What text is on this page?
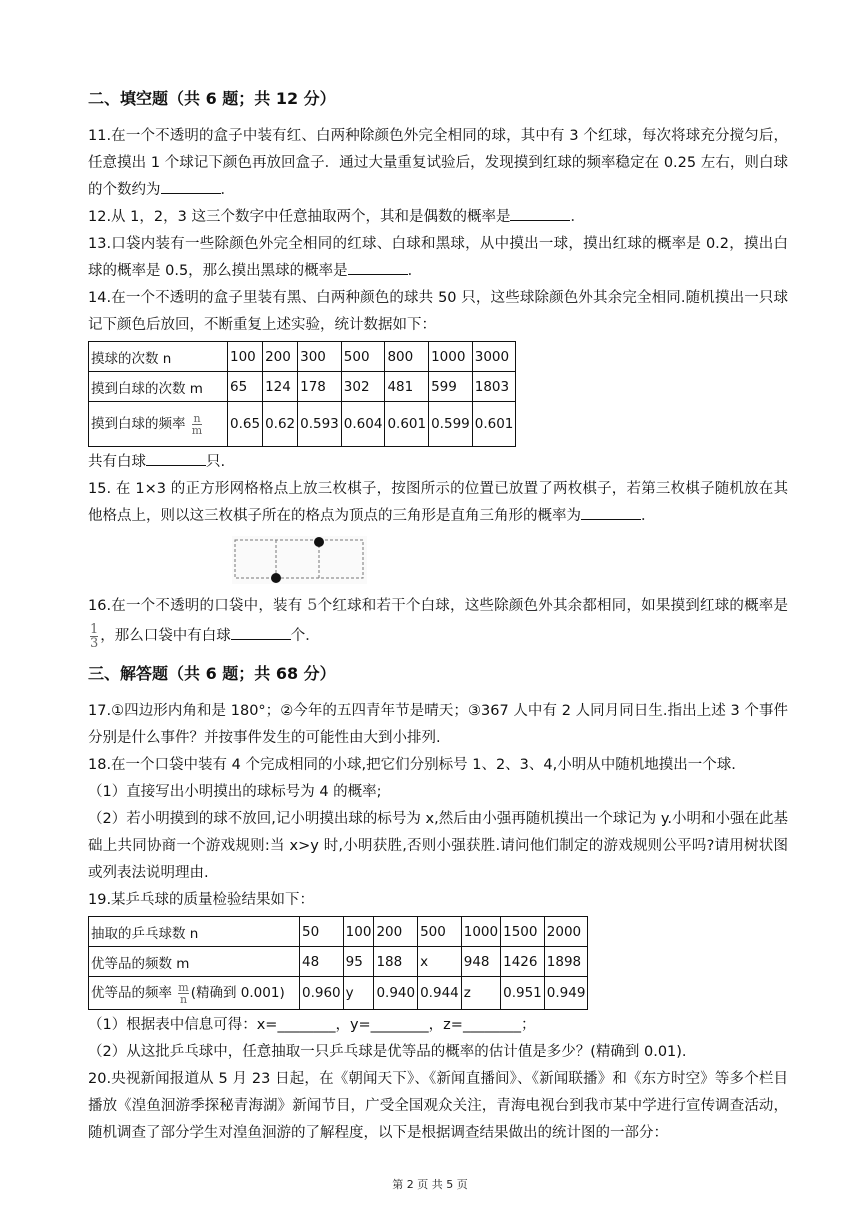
二、填空题（共 6 题；共 12 分）

11.在一个不透明的盒子中装有红、白两种除颜色外完全相同的球，其中有 3 个红球，每次将球充分搅匀后，任意摸出 1 个球记下颜色再放回盒子．通过大量重复试验后，发现摸到红球的频率稳定在 0.25 左右，则白球的个数约为	．

12.从 1，2，3 这三个数字中任意抽取两个，其和是偶数的概率是	．

13.口袋内装有一些除颜色外完全相同的红球、白球和黑球，从中摸出一球，摸出红球的概率是 0.2，摸出白球的概率是 0.5，那么摸出黑球的概率是	．

14.在一个不透明的盒子里装有黑、白两种颜色的球共 50 只，这些球除颜色外其余完全相同.随机摸出一只球记下颜色后放回，不断重复上述实验，统计数据如下：

摸球的次数 n	100	200	300	500	800	1000	3000
摸到白球的次数 m	65	124	178	302	481	599	1803
摸到白球的频率 $\frac{n}{m}$	0.65	0.62	0.593	0.604	0.601	0.599	0.601

共有白球	只.

15. 在 1×3 的正方形网格格点上放三枚棋子，按图所示的位置已放置了两枚棋子，若第三枚棋子随机放在其他格点上，则以这三枚棋子所在的格点为顶点的三角形是直角三角形的概率为	．

16.在一个不透明的口袋中，装有 5个红球和若干个白球，这些除颜色外其余都相同，如果摸到红球的概率是
$\frac{1}{3}$ ，那么口袋中有白球	个．

三、解答题（共 6 题；共 68 分）

17.①四边形内角和是 180°；②今年的五四青年节是晴天；③367 人中有 2 人同月同日生.指出上述 3 个事件分别是什么事件？并按事件发生的可能性由大到小排列.

18.在一个口袋中装有 4 个完成相同的小球,把它们分别标号 1、2、3、4,小明从中随机地摸出一个球.

（1）直接写出小明摸出的球标号为 4 的概率;

（2）若小明摸到的球不放回,记小明摸出球的标号为 x,然后由小强再随机摸出一个球记为 y.小明和小强在此基础上共同协商一个游戏规则:当 x>y 时,小明获胜,否则小强获胜.请问他们制定的游戏规则公平吗?请用树状图或列表法说明理由.

19.某乒乓球的质量检验结果如下：

抽取的乒乓球数 n	50	100	200	500	1000	1500	2000
优等品的频数 m	48	95	188	x	948	1426	1898
优等品的频率 $\frac{m}{n}$ (精确到 0.001)	0.960	y	0.940	0.944	z	0.951	0.949

（1）根据表中信息可得：x=________，y=________，z=________；

（2）从这批乒乓球中，任意抽取一只乒乓球是优等品的概率的估计值是多少？(精确到 0.01).

20.央视新闻报道从 5 月 23 日起，在《朝闻天下》、《新闻直播间》、《新闻联播》和《东方时空》等多个栏目播放《湟鱼洄游季探秘青海湖》新闻节目，广受全国观众关注，青海电视台到我市某中学进行宣传调查活动，随机调查了部分学生对湟鱼洄游的了解程度，以下是根据调查结果做出的统计图的一部分：

第 2 页 共 5 页
